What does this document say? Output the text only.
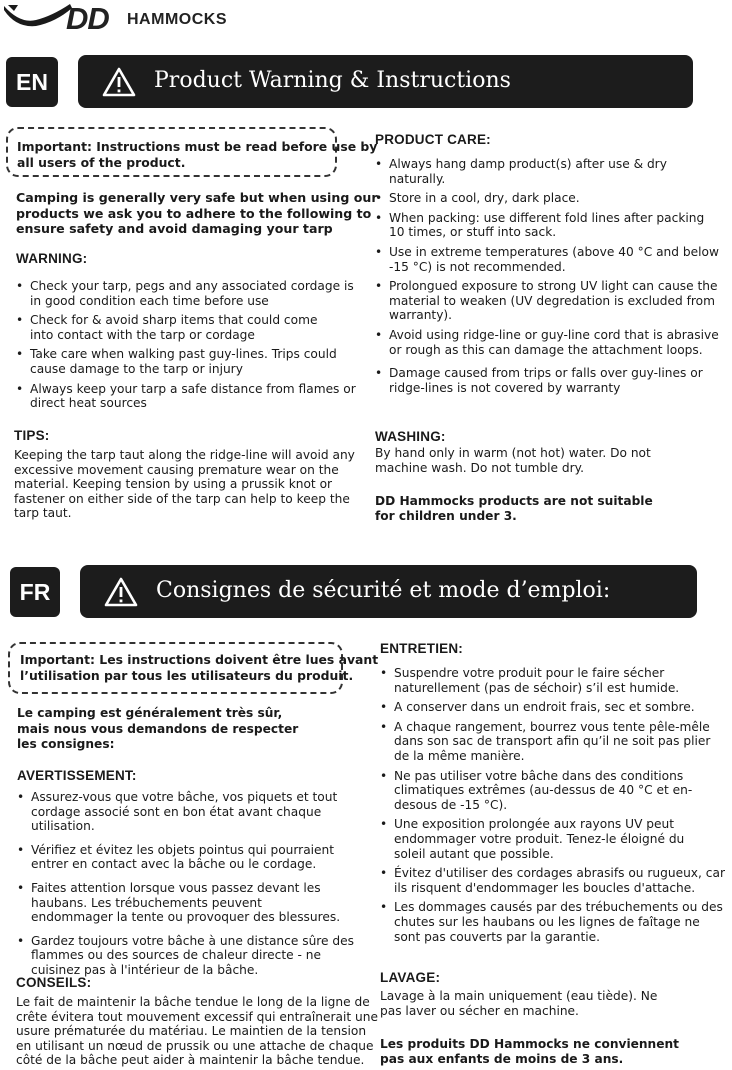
DD HAMMOCKS
EN	Product Warning & Instructions
Important: Instructions must be read before use by
all users of the product.
Camping is generally very safe but when using our
products we ask you to adhere to the following to
ensure safety and avoid damaging your tarp
WARNING:
• Check your tarp, pegs and any associated cordage is in good condition each time before use
• Check for & avoid sharp items that could come into contact with the tarp or cordage
• Take care when walking past guy-lines. Trips could cause damage to the tarp or injury
• Always keep your tarp a safe distance from flames or direct heat sources
TIPS:

Keeping the tarp taut along the ridge-line will avoid any excessive movement causing premature wear on the material. Keeping tension by using a prussik knot or fastener on either side of the tarp can help to keep the tarp taut.

PRODUCT CARE:
• Always hang damp product(s) after use & dry naturally.
• Store in a cool, dry, dark place.
• When packing: use different fold lines after packing 10 times, or stuff into sack.
• Use in extreme temperatures (above 40 °C and below -15 °C) is not recommended.
• Prolongued exposure to strong UV light can cause the material to weaken (UV degredation is excluded from warranty).
• Avoid using ridge-line or guy-line cord that is abrasive or rough as this can damage the attachment loops.
• Damage caused from trips or falls over guy-lines or ridge-lines is not covered by warranty
WASHING:

By hand only in warm (not hot) water. Do not machine wash. Do not tumble dry.

DD Hammocks products are not suitable for children under 3.

FR	Consignes de sécurité et mode d’emploi:
Important: Les instructions doivent être lues avant
l’utilisation par tous les utilisateurs du produit.

Le camping est généralement très sûr, mais nous vous demandons de respecter les consignes:

AVERTISSEMENT:
• Assurez-vous que votre bâche, vos piquets et tout cordage associé sont en bon état avant chaque utilisation.
• Vérifiez et évitez les objets pointus qui pourraient entrer en contact avec la bâche ou le cordage.
• Faites attention lorsque vous passez devant les haubans. Les trébuchements peuvent endommager la tente ou provoquer des blessures.
• Gardez toujours votre bâche à une distance sûre des flammes ou des sources de chaleur directe - ne cuisinez pas à l'intérieur de la bâche.
CONSEILS:

Le fait de maintenir la bâche tendue le long de la ligne de crête évitera tout mouvement excessif qui entraînerait une usure prématurée du matériau. Le maintien de la tension en utilisant un nœud de prussik ou une attache de chaque côté de la bâche peut aider à maintenir la bâche tendue.

ENTRETIEN:
• Suspendre votre produit pour le faire sécher naturellement (pas de séchoir) s’il est humide.
• A conserver dans un endroit frais, sec et sombre.
• A chaque rangement, bourrez vous tente pêle-mêle dans son sac de transport afin qu’il ne soit pas plier de la même manière.
• Ne pas utiliser votre bâche dans des conditions climatiques extrêmes (au-dessus de 40 °C et en-desous de -15 °C).
• Une exposition prolongée aux rayons UV peut endommager votre produit. Tenez-le éloigné du soleil autant que possible.
• Évitez d'utiliser des cordages abrasifs ou rugueux, car ils risquent d'endommager les boucles d'attache.
• Les dommages causés par des trébuchements ou des chutes sur les haubans ou les lignes de faîtage ne sont pas couverts par la garantie.
LAVAGE:

Lavage à la main uniquement (eau tiède). Ne pas laver ou sécher en machine.

Les produits DD Hammocks ne conviennent
pas aux enfants de moins de 3 ans.
